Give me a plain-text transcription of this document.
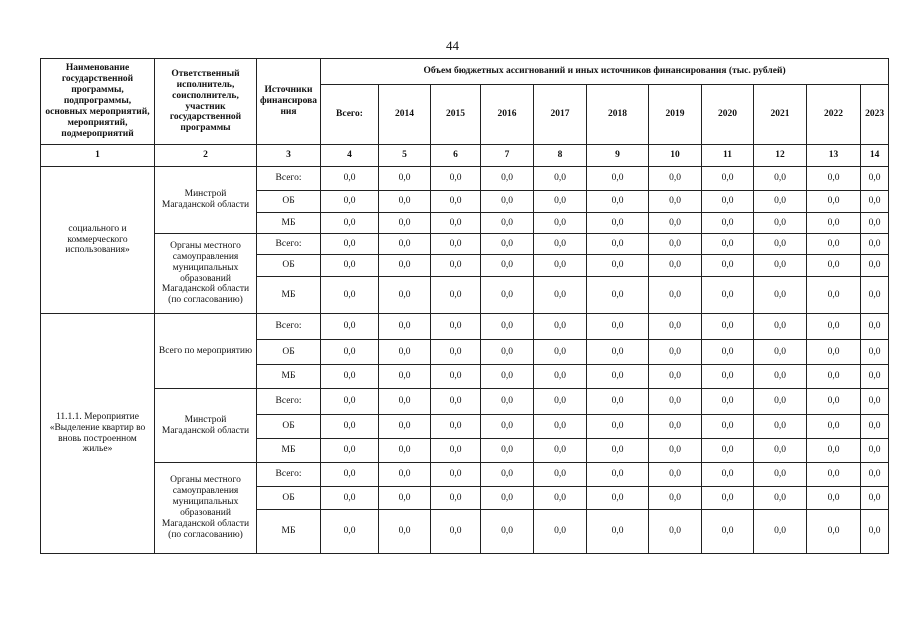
44
Наименование государственной программы, подпрограммы, основных мероприятий, мероприятий, подмероприятий	Ответственный исполнитель, соисполнитель, участник государственной программы	Источники финансирова ния	Объем бюджетных ассигнований и иных источников финансирования (тыс. рублей)										
			Всего:	2014	2015	2016	2017	2018	2019	2020	2021	2022	2023
1	2	3	4	5	6	7	8	9	10	11	12	13	14
социального и коммерческого использования»	Минстрой Магаданской области	Всего:	0,0	0,0	0,0	0,0	0,0	0,0	0,0	0,0	0,0	0,0	0,0
		ОБ	0,0	0,0	0,0	0,0	0,0	0,0	0,0	0,0	0,0	0,0	0,0
		МБ	0,0	0,0	0,0	0,0	0,0	0,0	0,0	0,0	0,0	0,0	0,0
	Органы местного самоуправления муниципальных образований Магаданской области (по согласованию)	Всего:	0,0	0,0	0,0	0,0	0,0	0,0	0,0	0,0	0,0	0,0	0,0
		ОБ	0,0	0,0	0,0	0,0	0,0	0,0	0,0	0,0	0,0	0,0	0,0
		МБ	0,0	0,0	0,0	0,0	0,0	0,0	0,0	0,0	0,0	0,0	0,0
11.1.1. Мероприятие «Выделение квартир во вновь построенном жилье»	Всего по мероприятию	Всего:	0,0	0,0	0,0	0,0	0,0	0,0	0,0	0,0	0,0	0,0	0,0
		ОБ	0,0	0,0	0,0	0,0	0,0	0,0	0,0	0,0	0,0	0,0	0,0
		МБ	0,0	0,0	0,0	0,0	0,0	0,0	0,0	0,0	0,0	0,0	0,0
	Минстрой Магаданской области	Всего:	0,0	0,0	0,0	0,0	0,0	0,0	0,0	0,0	0,0	0,0	0,0
		ОБ	0,0	0,0	0,0	0,0	0,0	0,0	0,0	0,0	0,0	0,0	0,0
		МБ	0,0	0,0	0,0	0,0	0,0	0,0	0,0	0,0	0,0	0,0	0,0
	Органы местного самоуправления муниципальных образований Магаданской области (по согласованию)	Всего:	0,0	0,0	0,0	0,0	0,0	0,0	0,0	0,0	0,0	0,0	0,0
		ОБ	0,0	0,0	0,0	0,0	0,0	0,0	0,0	0,0	0,0	0,0	0,0
		МБ	0,0	0,0	0,0	0,0	0,0	0,0	0,0	0,0	0,0	0,0	0,0
